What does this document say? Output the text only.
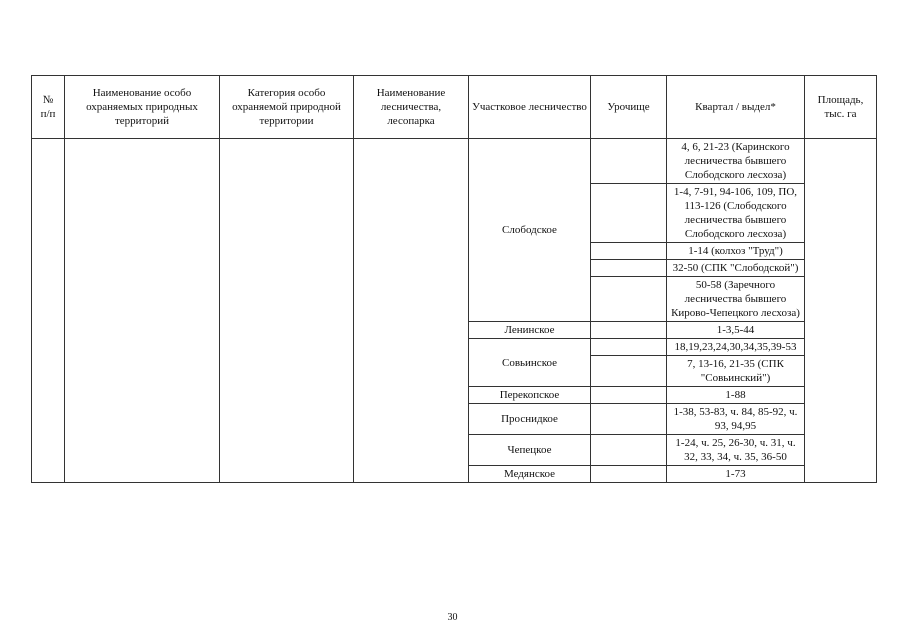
№
п/п	Наименование особо охраняемых природных территорий	Категория особо охраняемой природной территории	Наименование лесничества, лесопарка	Участковое лесничество	Урочище	Квартал / выдел*	Площадь, тыс. га
				Слободское		4, 6, 21-23 (Каринского лесничества бывшего Слободского лесхоза)	
						1-4, 7-91, 94-106, 109, ПО, 113-126 (Слободского лесничества бывшего Слободского лесхоза)	
						1-14 (колхоз "Труд")	
						32-50 (СПК "Слободской")	
						50-58 (Заречного лесничества бывшего Кирово-Чепецкого лесхоза)	
				Ленинское		1-3,5-44	
				Совьинское		18,19,23,24,30,34,35,39-53	
						7, 13-16, 21-35 (СПК "Совьинский")	
				Перекопское		1-88	
				Проснидкое		1-38, 53-83, ч. 84, 85-92, ч. 93, 94,95	
				Чепецкое		1-24, ч. 25, 26-30, ч. 31, ч. 32, 33, 34, ч. 35, 36-50	
				Медянское		1-73	
30
